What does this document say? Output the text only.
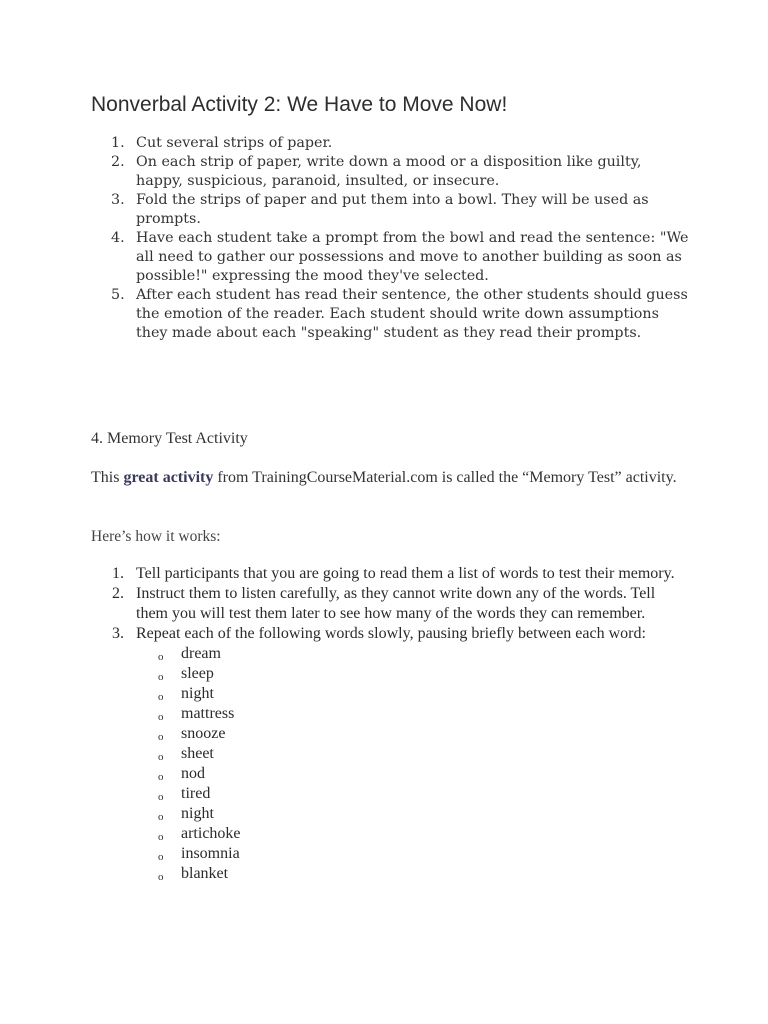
Nonverbal Activity 2: We Have to Move Now!
1. Cut several strips of paper.
2. On each strip of paper, write down a mood or a disposition like guilty, happy, suspicious, paranoid, insulted, or insecure.
3. Fold the strips of paper and put them into a bowl. They will be used as prompts.
4. Have each student take a prompt from the bowl and read the sentence: "We all need to gather our possessions and move to another building as soon as possible!" expressing the mood they've selected.
5. After each student has read their sentence, the other students should guess the emotion of the reader. Each student should write down assumptions they made about each "speaking" student as they read their prompts.
4. Memory Test Activity

This great activity from TrainingCourseMaterial.com is called the “Memory Test” activity.

Here’s how it works:

1. Tell participants that you are going to read them a list of words to test their memory.
2. Instruct them to listen carefully, as they cannot write down any of the words. Tell them you will test them later to see how many of the words they can remember.
3. Repeat each of the following words slowly, pausing briefly between each word:
o dream
o sleep
o night
o mattress
o snooze
o sheet
o nod
o tired
o night
o artichoke
o insomnia
o blanket
